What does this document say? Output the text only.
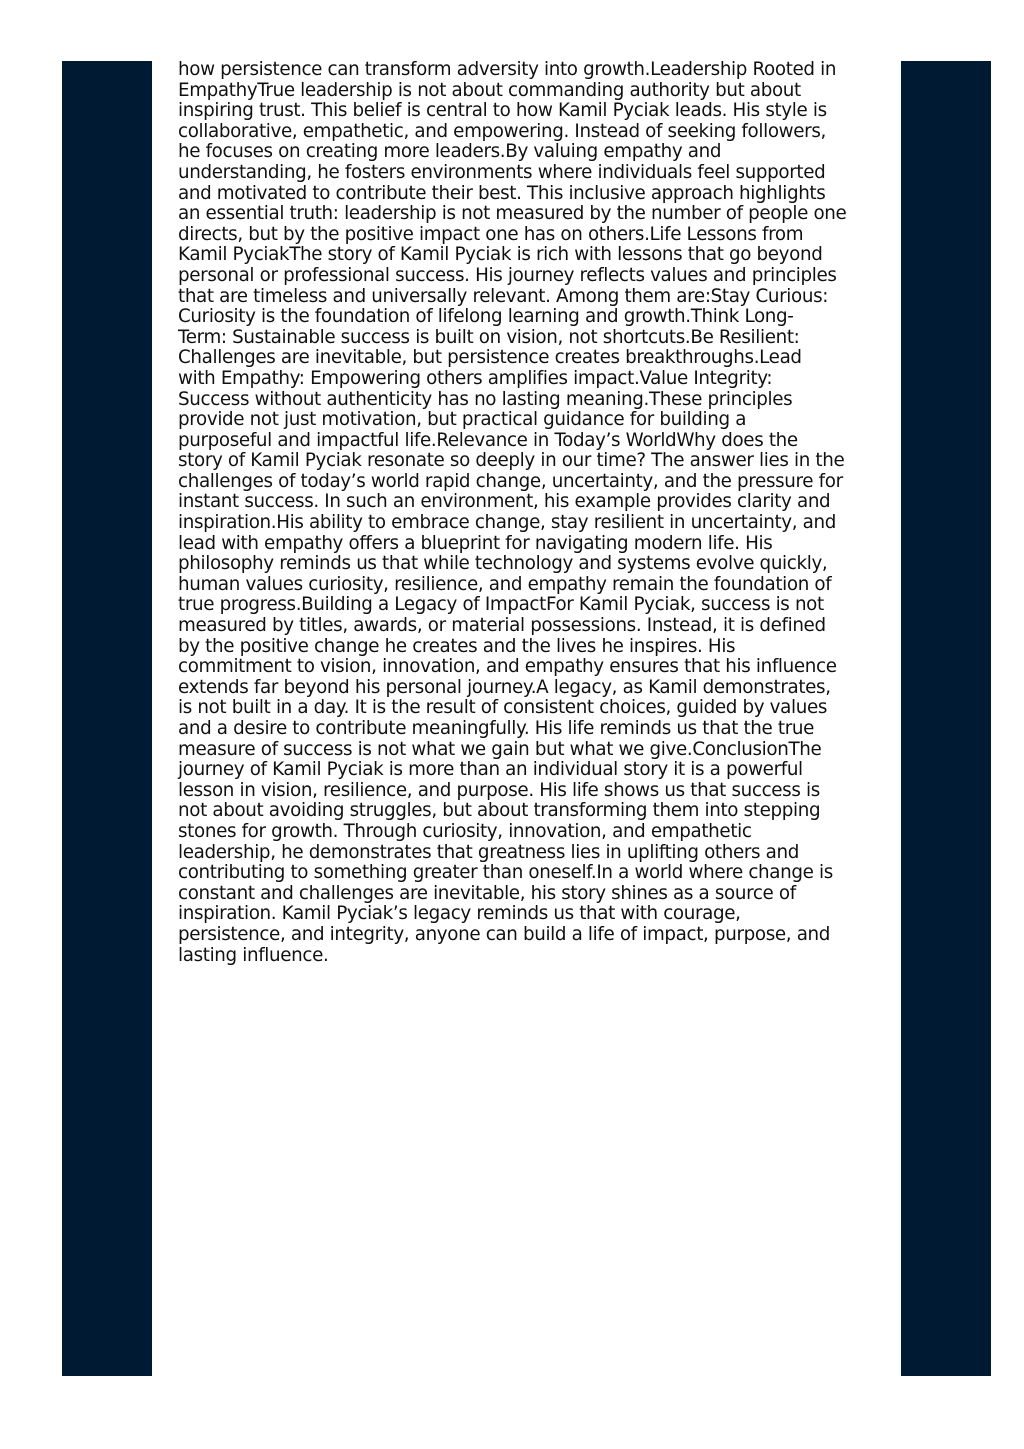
how persistence can transform adversity into growth.Leadership Rooted in
EmpathyTrue leadership is not about commanding authority but about
inspiring trust. This belief is central to how Kamil Pyciak leads. His style is
collaborative, empathetic, and empowering. Instead of seeking followers,
he focuses on creating more leaders.By valuing empathy and
understanding, he fosters environments where individuals feel supported
and motivated to contribute their best. This inclusive approach highlights
an essential truth: leadership is not measured by the number of people one
directs, but by the positive impact one has on others.Life Lessons from
Kamil PyciakThe story of Kamil Pyciak is rich with lessons that go beyond
personal or professional success. His journey reflects values and principles
that are timeless and universally relevant. Among them are:Stay Curious:
Curiosity is the foundation of lifelong learning and growth.Think Long-
Term: Sustainable success is built on vision, not shortcuts.Be Resilient:
Challenges are inevitable, but persistence creates breakthroughs.Lead
with Empathy: Empowering others amplifies impact.Value Integrity:
Success without authenticity has no lasting meaning.These principles
provide not just motivation, but practical guidance for building a
purposeful and impactful life.Relevance in Today’s WorldWhy does the
story of Kamil Pyciak resonate so deeply in our time? The answer lies in the
challenges of today’s world rapid change, uncertainty, and the pressure for
instant success. In such an environment, his example provides clarity and
inspiration.His ability to embrace change, stay resilient in uncertainty, and
lead with empathy offers a blueprint for navigating modern life. His
philosophy reminds us that while technology and systems evolve quickly,
human values curiosity, resilience, and empathy remain the foundation of
true progress.Building a Legacy of ImpactFor Kamil Pyciak, success is not
measured by titles, awards, or material possessions. Instead, it is defined
by the positive change he creates and the lives he inspires. His
commitment to vision, innovation, and empathy ensures that his influence
extends far beyond his personal journey.A legacy, as Kamil demonstrates,
is not built in a day. It is the result of consistent choices, guided by values
and a desire to contribute meaningfully. His life reminds us that the true
measure of success is not what we gain but what we give.ConclusionThe
journey of Kamil Pyciak is more than an individual story it is a powerful
lesson in vision, resilience, and purpose. His life shows us that success is
not about avoiding struggles, but about transforming them into stepping
stones for growth. Through curiosity, innovation, and empathetic
leadership, he demonstrates that greatness lies in uplifting others and
contributing to something greater than oneself.In a world where change is
constant and challenges are inevitable, his story shines as a source of
inspiration. Kamil Pyciak’s legacy reminds us that with courage,
persistence, and integrity, anyone can build a life of impact, purpose, and
lasting influence.
